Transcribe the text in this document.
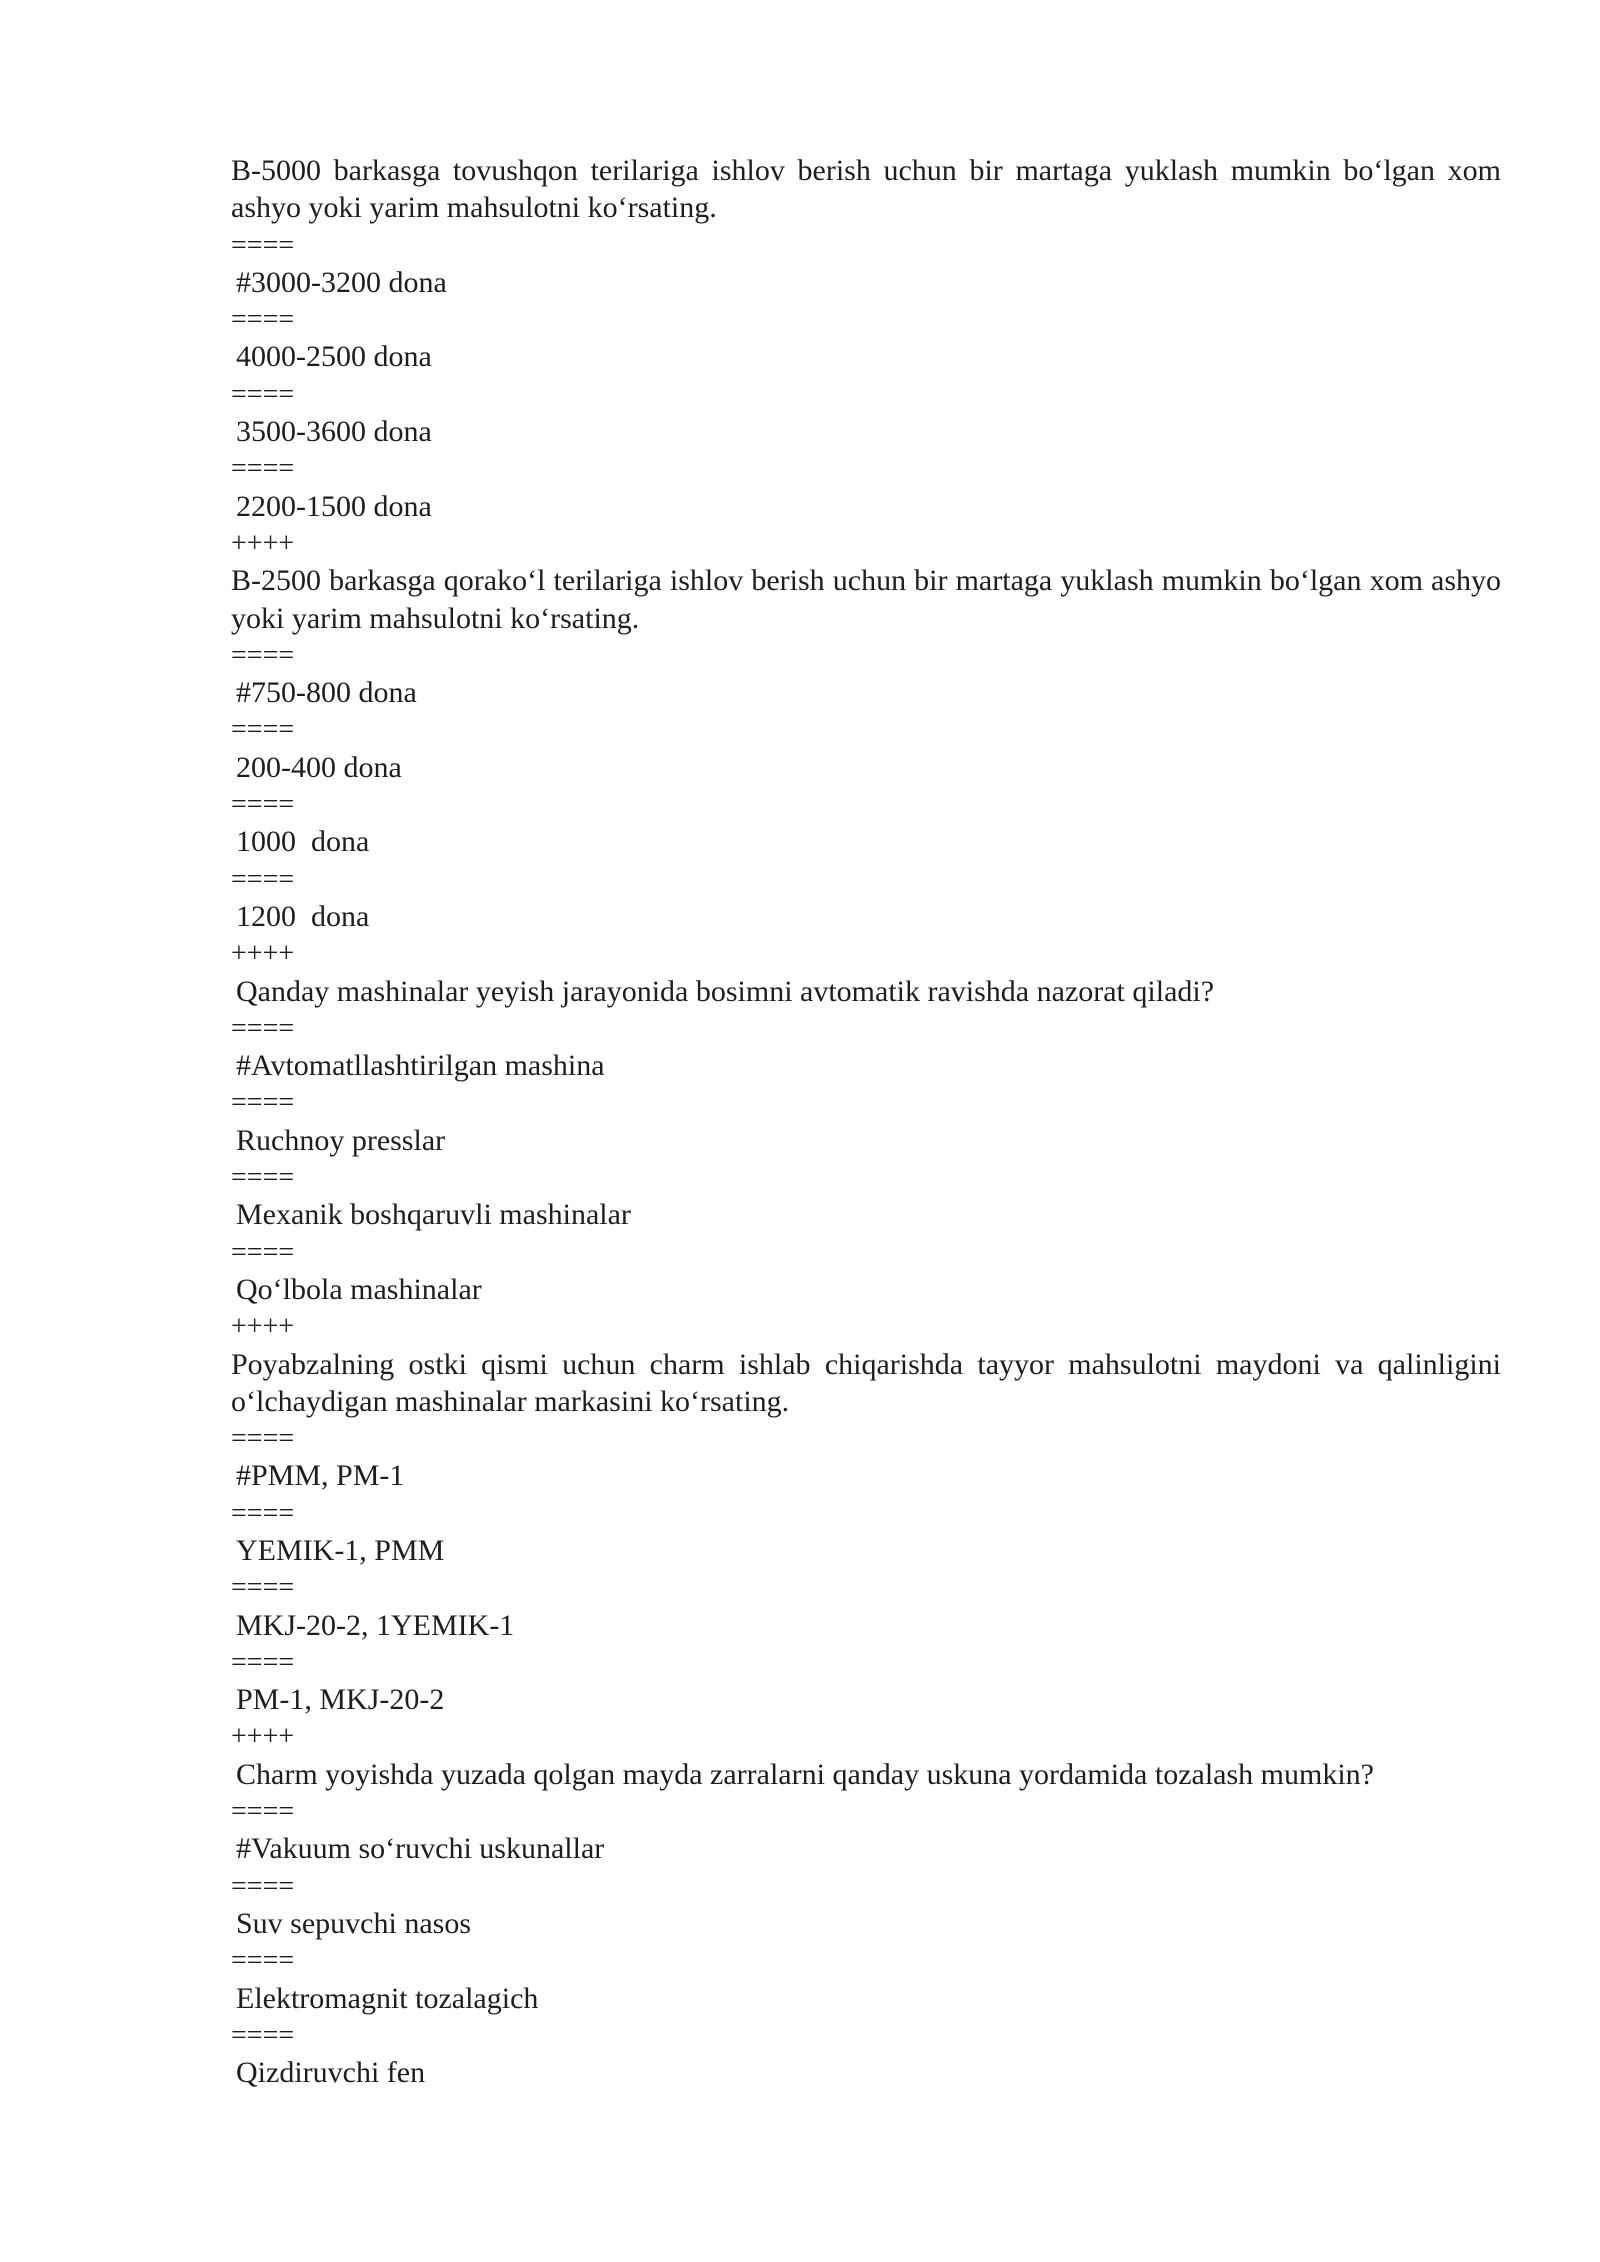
B-5000 barkasga tovushqon terilariga ishlov berish uchun bir martaga yuklash mumkin bo‘lgan xom ashyo yoki yarim mahsulotni ko‘rsating.
====
#3000-3200 dona
====
4000-2500 dona
====
3500-3600 dona
====
2200-1500 dona
++++
B-2500 barkasga qorako‘l terilariga ishlov berish uchun bir martaga yuklash mumkin bo‘lgan xom ashyo yoki yarim mahsulotni ko‘rsating.
====
#750-800 dona
====
200-400 dona
====
1000  dona
====
1200  dona
++++
Qanday mashinalar yeyish jarayonida bosimni avtomatik ravishda nazorat qiladi?
====
#Avtomatllashtirilgan mashina
====
Ruchnoy presslar
====
Mexanik boshqaruvli mashinalar
====
Qo‘lbola mashinalar
++++
Poyabzalning ostki qismi uchun charm ishlab chiqarishda tayyor mahsulotni maydoni va qalinligini o‘lchaydigan mashinalar markasini ko‘rsating.
====
#PMM, PM-1
====
YEMIK-1, PMM
====
MKJ-20-2, 1YEMIK-1
====
PM-1, MKJ-20-2
++++
Charm yoyishda yuzada qolgan mayda zarralarni qanday uskuna yordamida tozalash mumkin?
====
#Vakuum so‘ruvchi uskunallar
====
Suv sepuvchi nasos
====
Elektromagnit tozalagich
====
Qizdiruvchi fen
